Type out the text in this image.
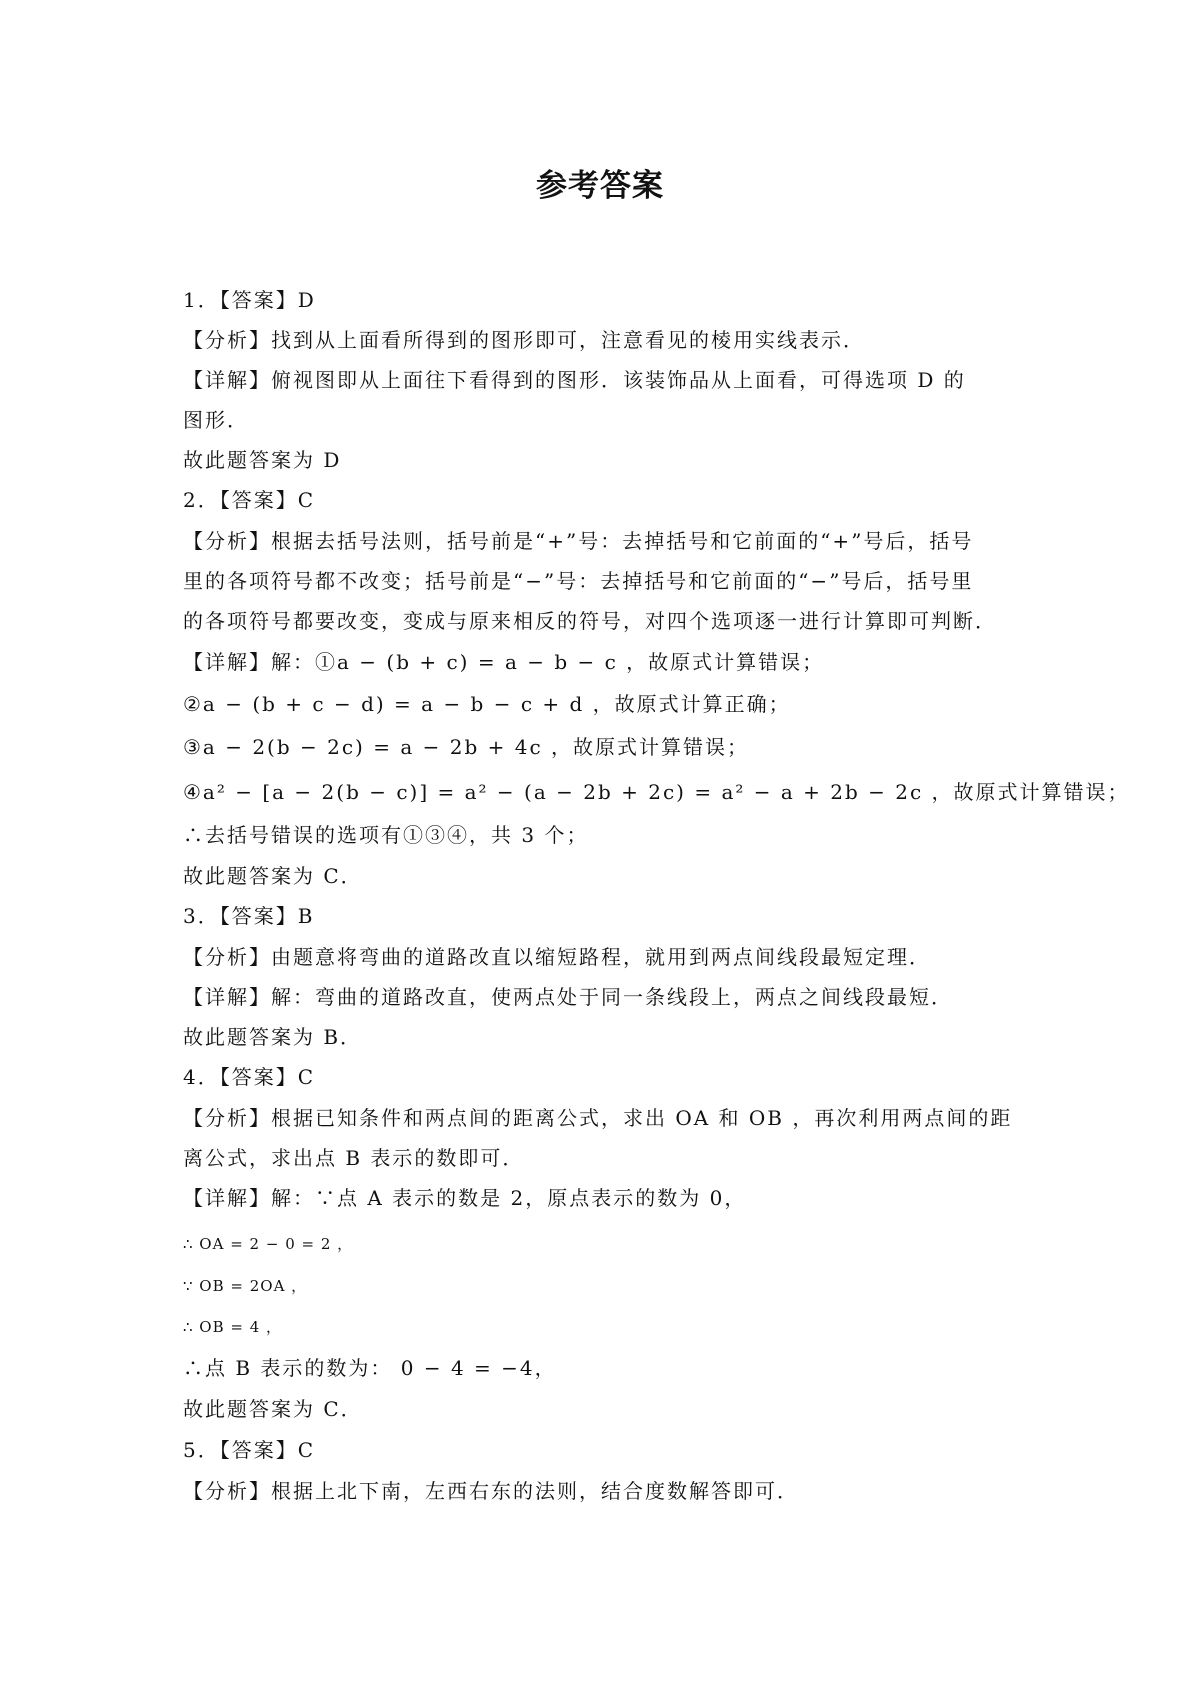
参考答案
1．【答案】D
【分析】找到从上面看所得到的图形即可，注意看见的棱用实线表示．
【详解】俯视图即从上面往下看得到的图形．该装饰品从上面看，可得选项 D 的
图形．
故此题答案为 D
2．【答案】C
【分析】根据去括号法则，括号前是“+”号：去掉括号和它前面的“+”号后，括号
里的各项符号都不改变；括号前是“−”号：去掉括号和它前面的“−”号后，括号里
的各项符号都要改变，变成与原来相反的符号，对四个选项逐一进行计算即可判断．
【详解】解：①a − (b + c) = a − b − c ，故原式计算错误；
②a − (b + c − d) = a − b − c + d ，故原式计算正确；
③a − 2(b − 2c) = a − 2b + 4c ，故原式计算错误；
④a² − [a − 2(b − c)] = a² − (a − 2b + 2c) = a² − a + 2b − 2c ，故原式计算错误；
∴去括号错误的选项有①③④，共 3 个；
故此题答案为 C．
3．【答案】B
【分析】由题意将弯曲的道路改直以缩短路程，就用到两点间线段最短定理．
【详解】解：弯曲的道路改直，使两点处于同一条线段上，两点之间线段最短．
故此题答案为 B．
4．【答案】C
【分析】根据已知条件和两点间的距离公式，求出 OA 和 OB ，再次利用两点间的距
离公式，求出点 B 表示的数即可．
【详解】解：∵点 A 表示的数是 2，原点表示的数为 0，
∴ OA = 2 − 0 = 2 ，
∵ OB = 2OA ，
∴ OB = 4 ，
∴点 B 表示的数为： 0 − 4 = −4，
故此题答案为 C．
5．【答案】C
【分析】根据上北下南，左西右东的法则，结合度数解答即可．
